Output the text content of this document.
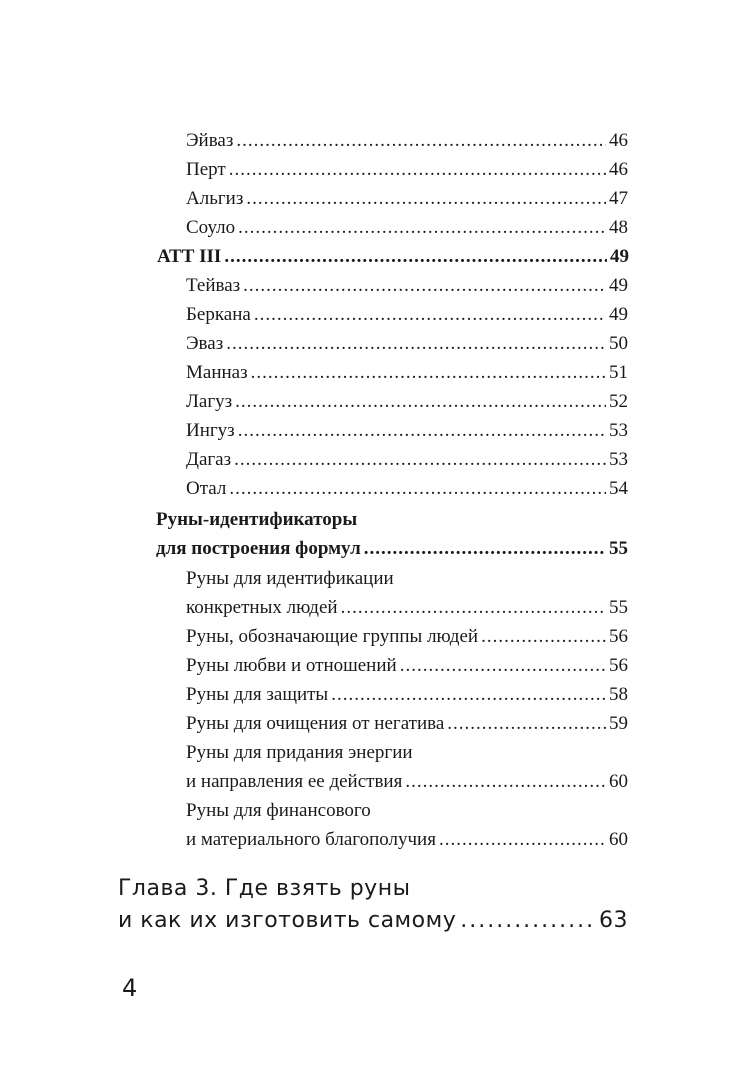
Эйваз .....	46
Перт .....	46
Альгиз .....	47
Соуло .....	48
АТТ III .....	49
Тейваз .....	49
Беркана .....	49
Эваз .....	50
Манназ .....	51
Лагуз .....	52
Ингуз .....	53
Дагаз .....	53
Отал .....	54
Руны-идентификаторы
для построения формул .....	55
Руны для идентификации
конкретных людей .....	55
Руны, обозначающие группы людей .....	56
Руны любви и отношений .....	56
Руны для защиты .....	58
Руны для очищения от негатива .....	59
Руны для придания энергии
и направления ее действия .....	60
Руны для финансового
и материального благополучия .....	60
Глава 3. Где взять руны
и как их изготовить самому .....	63
4
